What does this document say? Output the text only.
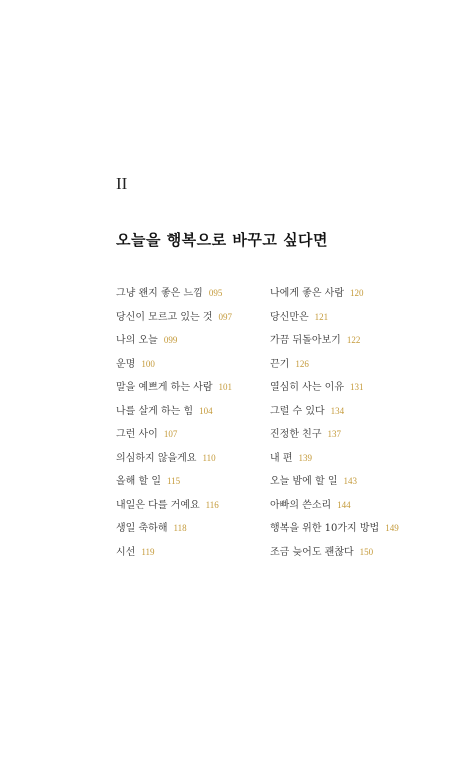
II
오늘을 행복으로 바꾸고 싶다면
그냥 왠지 좋은 느낌 095
당신이 모르고 있는 것 097
나의 오늘 099
운명 100
말을 예쁘게 하는 사람 101
나를 살게 하는 힘 104
그런 사이 107
의심하지 않을게요 110
올해 할 일 115
내일은 다를 거예요 116
생일 축하해 118
시선 119
나에게 좋은 사람 120
당신만은 121
가끔 뒤돌아보기 122
끈기 126
열심히 사는 이유 131
그럴 수 있다 134
진정한 친구 137
내 편 139
오늘 밤에 할 일 143
아빠의 쓴소리 144
행복을 위한 10가지 방법 149
조금 늦어도 괜찮다 150
